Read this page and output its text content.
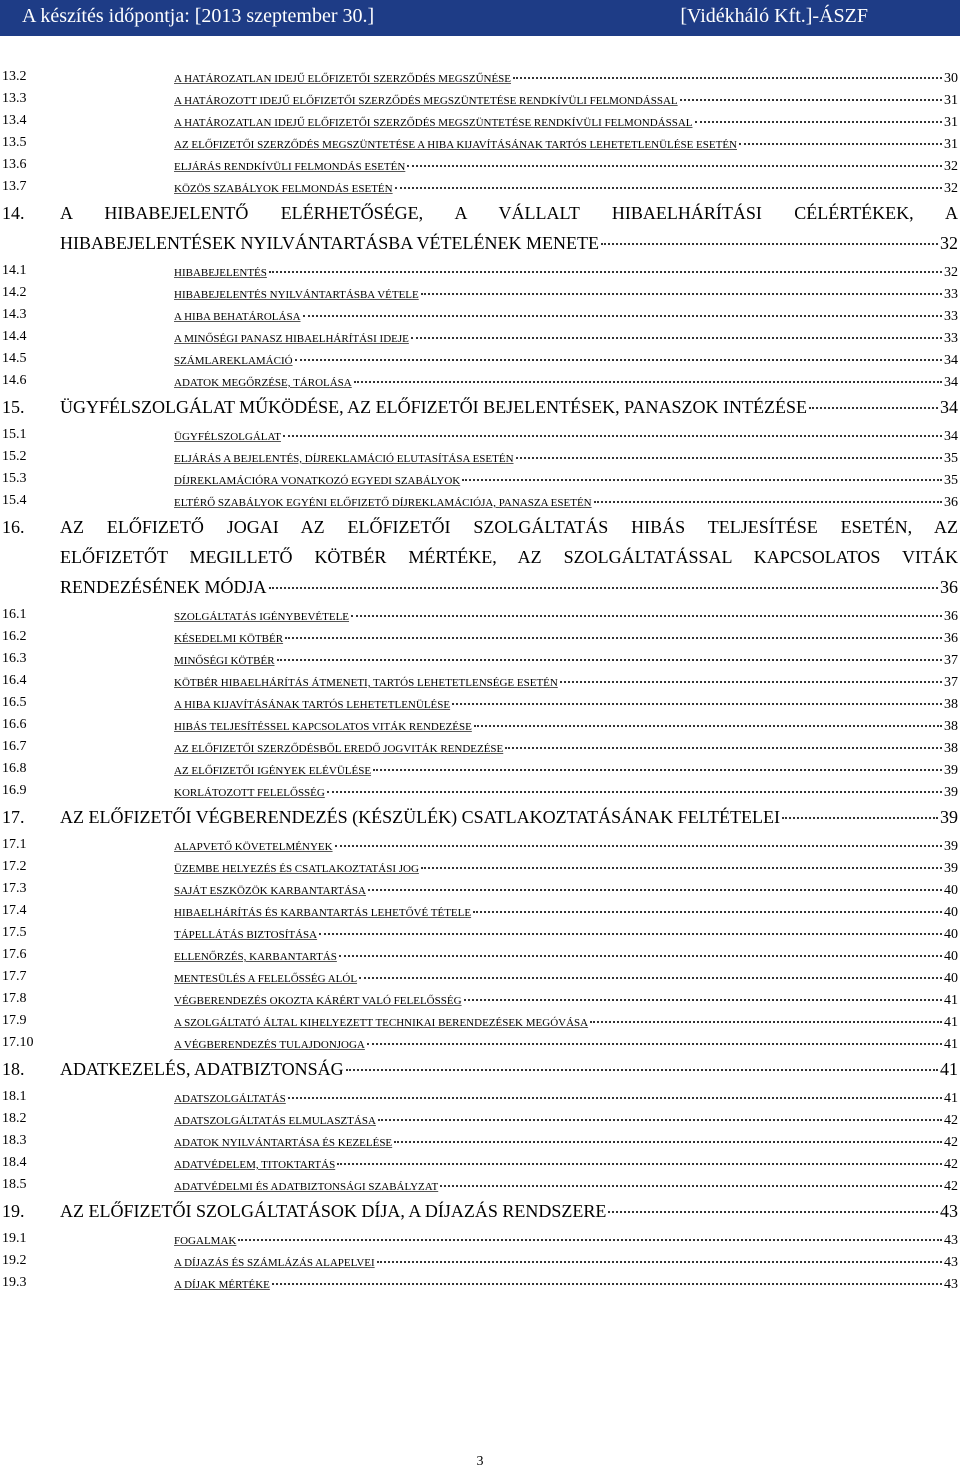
A készítés időpontja: [2013 szeptember 30.]	[Vidékháló Kft.]-ÁSZF
13.2	A HATÁROZATLAN IDEJŰ ELŐFIZETŐI SZERZŐDÉS MEGSZŰNÉSE	30
13.3	A HATÁROZOTT IDEJŰ ELŐFIZETŐI SZERZŐDÉS MEGSZÜNTETÉSE RENDKÍVÜLI FELMONDÁSSAL	31
13.4	A HATÁROZATLAN IDEJŰ ELŐFIZETŐI SZERZŐDÉS MEGSZÜNTETÉSE RENDKÍVÜLI FELMONDÁSSAL	31
13.5	AZ ELŐFIZETŐI SZERZŐDÉS MEGSZÜNTETÉSE A HIBA KIJAVÍTÁSÁNAK TARTÓS LEHETETLENÜLÉSE ESETÉN	31
13.6	ELJÁRÁS RENDKÍVÜLI FELMONDÁS ESETÉN	32
13.7	KÖZÖS SZABÁLYOK FELMONDÁS ESETÉN	32
14. A HIBABEJELENTŐ ELÉRHETŐSÉGE, A VÁLLALT HIBAELHÁRÍTÁSI CÉLÉRTÉKEK, A
HIBABEJELENTÉSEK NYILVÁNTARTÁSBA VÉTELÉNEK MENETE	32
14.1	HIBABEJELENTÉS	32
14.2	HIBABEJELENTÉS NYILVÁNTARTÁSBA VÉTELE	33
14.3	A HIBA BEHATÁROLÁSA	33
14.4	A MINŐSÉGI PANASZ HIBAELHÁRÍTÁSI IDEJE	33
14.5	SZÁMLAREKLAMÁCIÓ	34
14.6	ADATOK MEGŐRZÉSE, TÁROLÁSA	34
15. ÜGYFÉLSZOLGÁLAT MŰKÖDÉSE, AZ ELŐFIZETŐI BEJELENTÉSEK, PANASZOK INTÉZÉSE	34
15.1	ÜGYFÉLSZOLGÁLAT	34
15.2	ELJÁRÁS A BEJELENTÉS, DÍJREKLAMÁCIÓ ELUTASÍTÁSA ESETÉN	35
15.3	DÍJREKLAMÁCIÓRA VONATKOZÓ EGYEDI SZABÁLYOK	35
15.4	ELTÉRŐ SZABÁLYOK EGYÉNI ELŐFIZETŐ DÍJREKLAMÁCIÓJA, PANASZA ESETÉN	36
16. AZ ELŐFIZETŐ JOGAI AZ ELŐFIZETŐI SZOLGÁLTATÁS HIBÁS TELJESÍTÉSE ESETÉN, AZ
ELŐFIZETŐT MEGILLETŐ KÖTBÉR MÉRTÉKE, AZ SZOLGÁLTATÁSSAL KAPCSOLATOS VITÁK
RENDEZÉSÉNEK MÓDJA	36
16.1	SZOLGÁLTATÁS IGÉNYBEVÉTELE	36
16.2	KÉSEDELMI KÖTBÉR	36
16.3	MINŐSÉGI KÖTBÉR	37
16.4	KÖTBÉR HIBAELHÁRÍTÁS ÁTMENETI, TARTÓS LEHETETLENSÉGE ESETÉN	37
16.5	A HIBA KIJAVÍTÁSÁNAK TARTÓS LEHETETLENÜLÉSE	38
16.6	HIBÁS TELJESÍTÉSSEL KAPCSOLATOS VITÁK RENDEZÉSE	38
16.7	AZ ELŐFIZETŐI SZERZŐDÉSBŐL EREDŐ JOGVITÁK RENDEZÉSE	38
16.8	AZ ELŐFIZETŐI IGÉNYEK ELÉVÜLÉSE	39
16.9	KORLÁTOZOTT FELELŐSSÉG	39
17. AZ ELŐFIZETŐI VÉGBERENDEZÉS (KÉSZÜLÉK) CSATLAKOZTATÁSÁNAK FELTÉTELEI	39
17.1	ALAPVETŐ KÖVETELMÉNYEK	39
17.2	ÜZEMBE HELYEZÉS ÉS CSATLAKOZTATÁSI JOG	39
17.3	SAJÁT ESZKÖZÖK KARBANTARTÁSA	40
17.4	HIBAELHÁRÍTÁS ÉS KARBANTARTÁS LEHETŐVÉ TÉTELE	40
17.5	TÁPELLÁTÁS BIZTOSÍTÁSA	40
17.6	ELLENŐRZÉS, KARBANTARTÁS	40
17.7	MENTESÜLÉS A FELELŐSSÉG ALÓL	40
17.8	VÉGBERENDEZÉS OKOZTA KÁRÉRT VALÓ FELELŐSSÉG	41
17.9	A SZOLGÁLTATÓ ÁLTAL KIHELYEZETT TECHNIKAI BERENDEZÉSEK MEGÓVÁSA	41
17.10	A VÉGBERENDEZÉS TULAJDONJOGA	41
18. ADATKEZELÉS, ADATBIZTONSÁG	41
18.1	ADATSZOLGÁLTATÁS	41
18.2	ADATSZOLGÁLTATÁS ELMULASZTÁSA	42
18.3	ADATOK NYILVÁNTARTÁSA ÉS KEZELÉSE	42
18.4	ADATVÉDELEM, TITOKTARTÁS	42
18.5	ADATVÉDELMI ÉS ADATBIZTONSÁGI SZABÁLYZAT	42
19. AZ ELŐFIZETŐI SZOLGÁLTATÁSOK DÍJA, A DÍJAZÁS RENDSZERE	43
19.1	FOGALMAK	43
19.2	A DÍJAZÁS ÉS SZÁMLÁZÁS ALAPELVEI	43
19.3	A DÍJAK MÉRTÉKE	43
3
